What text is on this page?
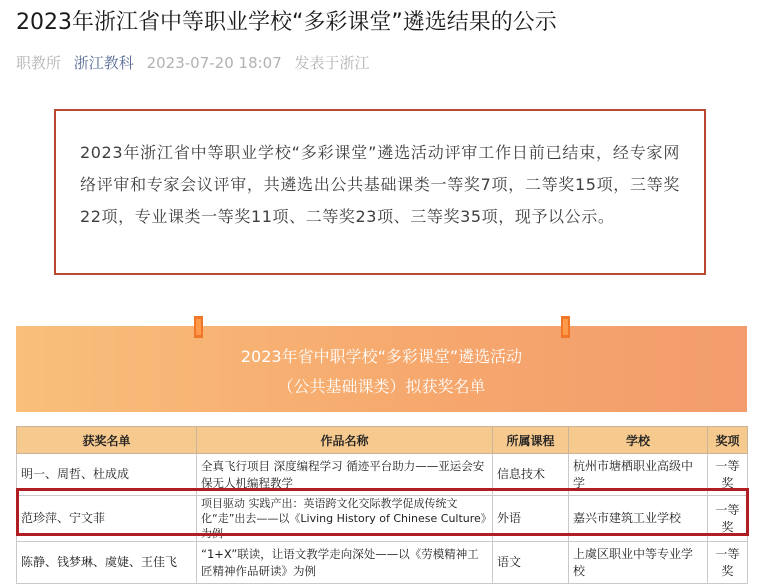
2023年浙江省中等职业学校“多彩课堂”遴选结果的公示
职教所 浙江教科 2023-07-20 18:07 发表于浙江
2023年浙江省中等职业学校“多彩课堂”遴选活动评审工作日前已结束，经专家网络评审和专家会议评审，共遴选出公共基础课类一等奖7项，二等奖15项，三等奖22项，专业课类一等奖11项、二等奖23项、三等奖35项，现予以公示。
2023年省中职学校“多彩课堂”遴选活动
（公共基础课类）拟获奖名单
获奖名单	作品名称	所属课程	学校	奖项
明一、周哲、杜成成	全真飞行项目 深度编程学习 循迹平台助力——亚运会安保无人机编程教学	信息技术	杭州市塘栖职业高级中学	一等奖
范珍萍、宁文菲	项目驱动 实践产出：英语跨文化交际教学促成传统文化“走”出去——以《Living History of Chinese Culture》为例	外语	嘉兴市建筑工业学校	一等奖
陈静、钱梦琳、虞婕、王佳飞	“1+X”联读，让语文教学走向深处——以《劳模精神工匠精神作品研读》为例	语文	上虞区职业中等专业学校	一等奖
